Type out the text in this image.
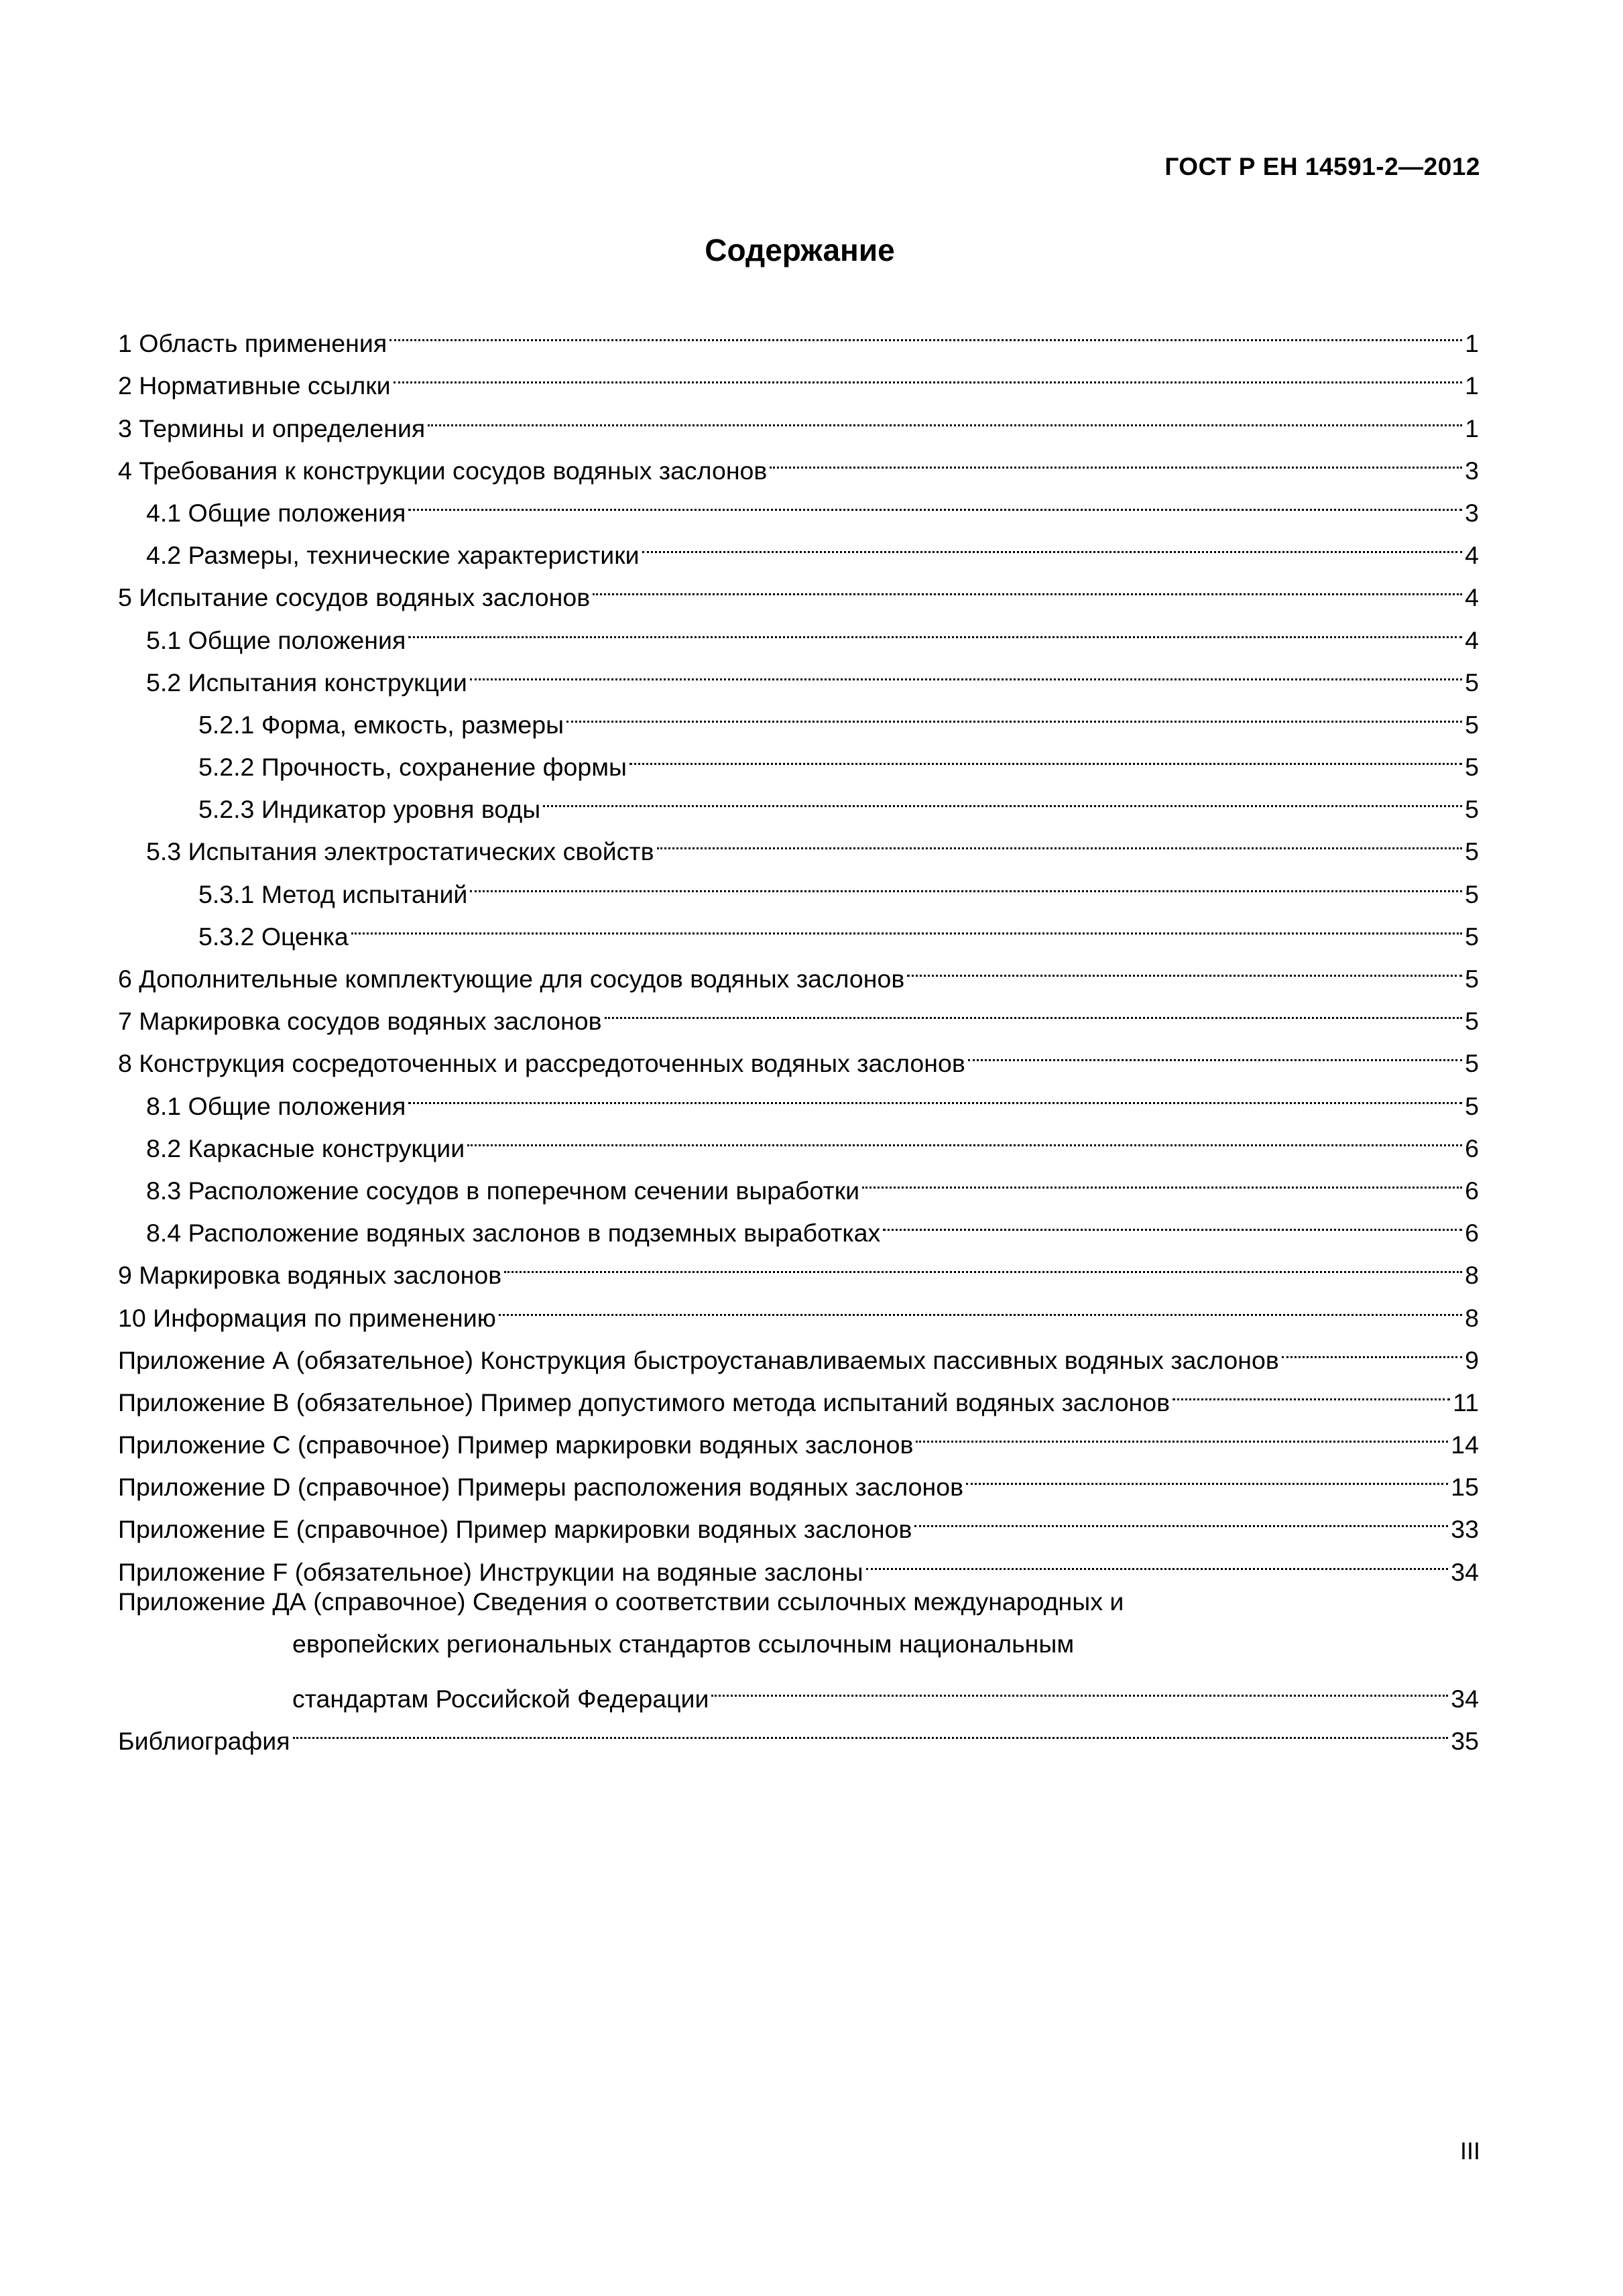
ГОСТ Р ЕН 14591-2—2012
Содержание
1 Область применения	1
2 Нормативные ссылки	1
3 Термины и определения	1
4 Требования к конструкции сосудов водяных заслонов	3
4.1 Общие положения	3
4.2 Размеры, технические характеристики	4
5 Испытание сосудов водяных заслонов	4
5.1 Общие положения	4
5.2 Испытания конструкции	5
5.2.1 Форма, емкость, размеры	5
5.2.2 Прочность, сохранение формы	5
5.2.3 Индикатор уровня воды	5
5.3 Испытания электростатических свойств	5
5.3.1 Метод испытаний	5
5.3.2 Оценка	5
6 Дополнительные комплектующие для сосудов водяных заслонов	5
7 Маркировка сосудов водяных заслонов	5
8 Конструкция сосредоточенных и рассредоточенных водяных заслонов	5
8.1 Общие положения	5
8.2 Каркасные конструкции	6
8.3 Расположение сосудов в поперечном сечении выработки	6
8.4 Расположение водяных заслонов в подземных выработках	6
9 Маркировка водяных заслонов	8
10 Информация по применению	8
Приложение А (обязательное) Конструкция быстроустанавливаемых пассивных водяных заслонов	9
Приложение В (обязательное) Пример допустимого метода испытаний водяных заслонов	11
Приложение С (справочное) Пример маркировки водяных заслонов	14
Приложение D (справочное) Примеры расположения водяных заслонов	15
Приложение E (справочное) Пример маркировки водяных заслонов	33
Приложение F (обязательное) Инструкции на водяные заслоны	34
Приложение ДА (справочное) Сведения о соответствии ссылочных международных и
европейских региональных стандартов ссылочным национальным
стандартам Российской Федерации	34
Библиография	35
III
